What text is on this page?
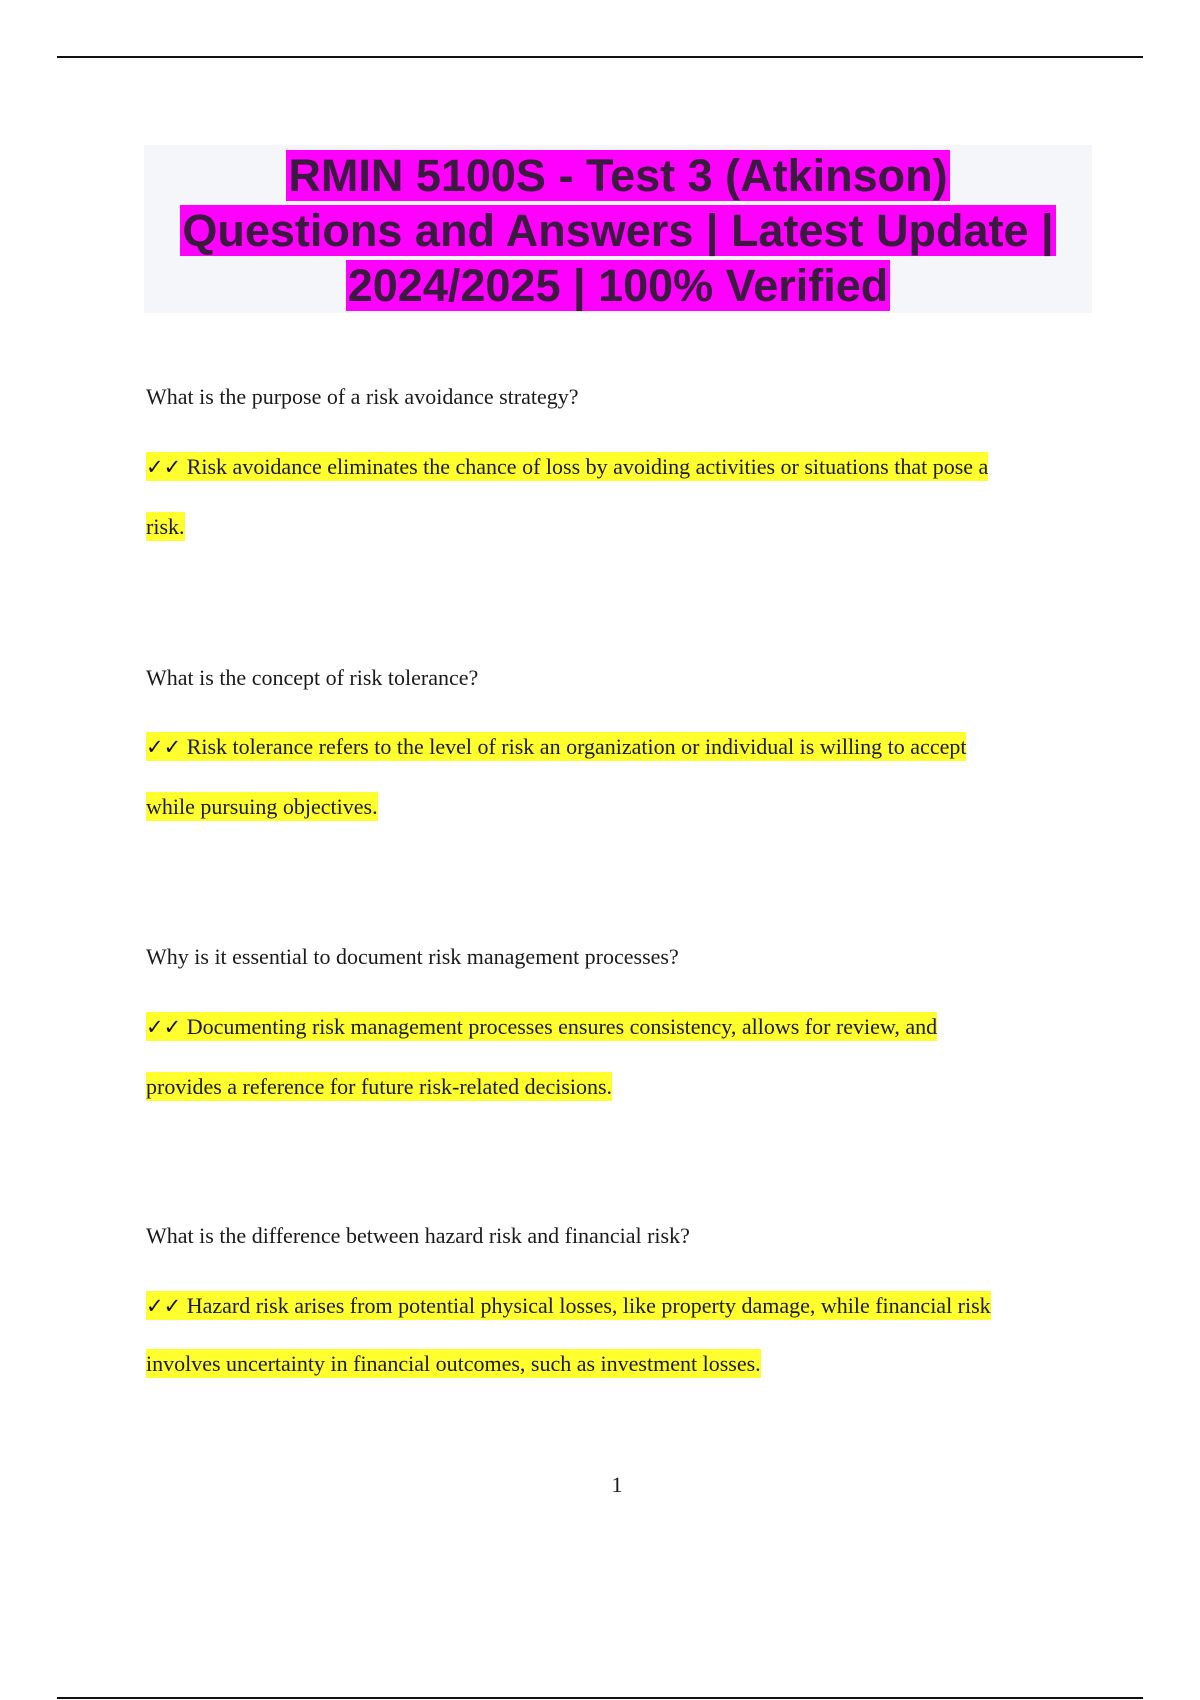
RMIN 5100S - Test 3 (Atkinson)
Questions and Answers | Latest Update |
2024/2025 | 100% Verified
What is the purpose of a risk avoidance strategy?
✓✓ Risk avoidance eliminates the chance of loss by avoiding activities or situations that pose a
risk.
What is the concept of risk tolerance?
✓✓ Risk tolerance refers to the level of risk an organization or individual is willing to accept
while pursuing objectives.
Why is it essential to document risk management processes?
✓✓ Documenting risk management processes ensures consistency, allows for review, and
provides a reference for future risk-related decisions.
What is the difference between hazard risk and financial risk?
✓✓ Hazard risk arises from potential physical losses, like property damage, while financial risk
involves uncertainty in financial outcomes, such as investment losses.
1
